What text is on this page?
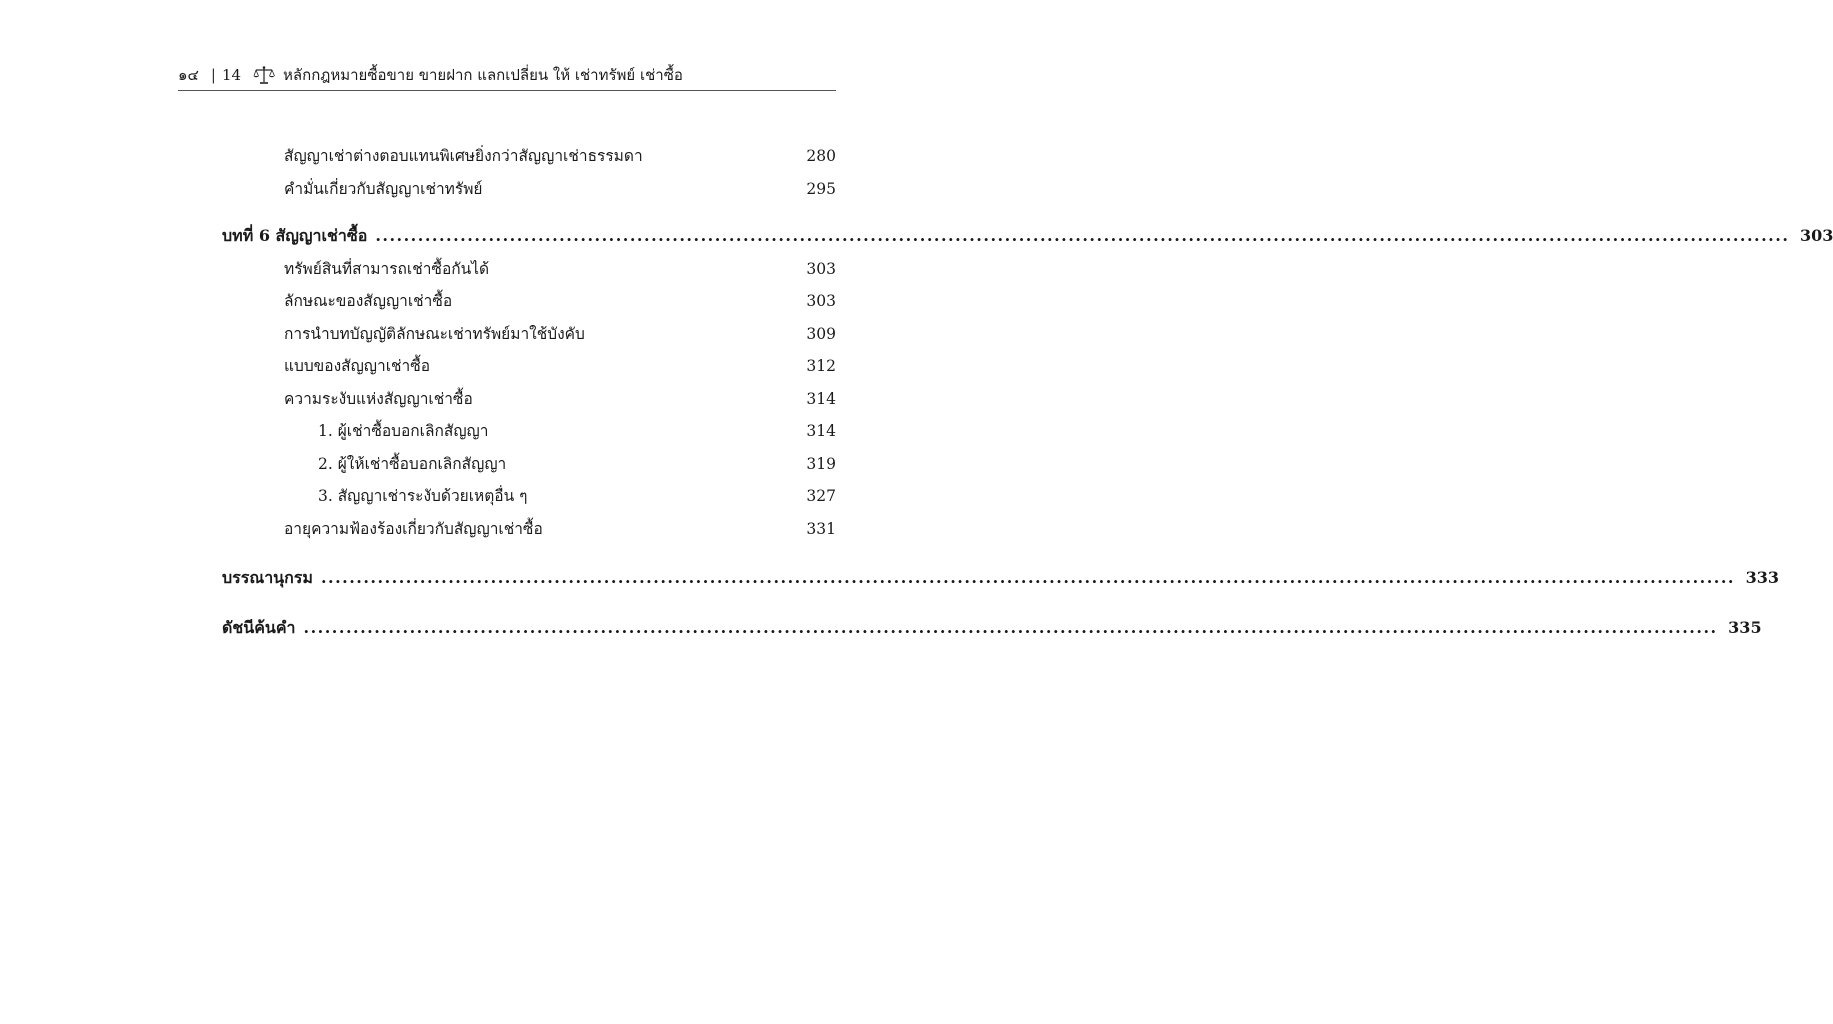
๑๔ | 14	หลักกฎหมายซื้อขาย ขายฝาก แลกเปลี่ยน ให้ เช่าทรัพย์ เช่าซื้อ
สัญญาเช่าต่างตอบแทนพิเศษยิ่งกว่าสัญญาเช่าธรรมดา	280
คำมั่นเกี่ยวกับสัญญาเช่าทรัพย์	295
บทที่ 6 สัญญาเช่าซื้อ ........................................................................................................................................................................................................ 303
ทรัพย์สินที่สามารถเช่าซื้อกันได้	303
ลักษณะของสัญญาเช่าซื้อ	303
การนำบทบัญญัติลักษณะเช่าทรัพย์มาใช้บังคับ	309
แบบของสัญญาเช่าซื้อ	312
ความระงับแห่งสัญญาเช่าซื้อ	314
1. ผู้เช่าซื้อบอกเลิกสัญญา	314
2. ผู้ให้เช่าซื้อบอกเลิกสัญญา	319
3. สัญญาเช่าระงับด้วยเหตุอื่น ๆ	327
อายุความฟ้องร้องเกี่ยวกับสัญญาเช่าซื้อ	331
บรรณานุกรม ........................................................................................................................................................................................................ 333
ดัชนีค้นคำ ........................................................................................................................................................................................................ 335
